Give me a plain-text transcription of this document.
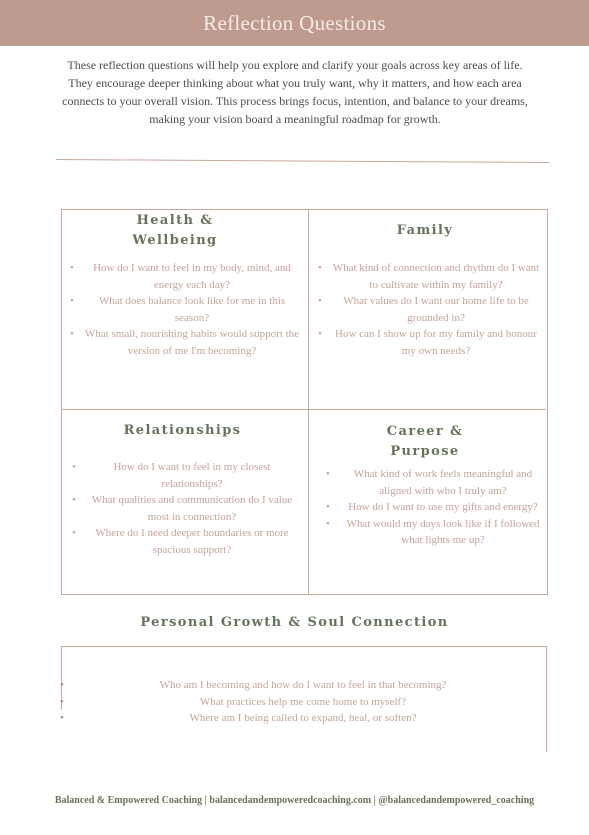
Reflection Questions
These reflection questions will help you explore and clarify your goals across key areas of life. They encourage deeper thinking about what you truly want, why it matters, and how each area connects to your overall vision. This process brings focus, intention, and balance to your dreams, making your vision board a meaningful roadmap for growth.
Health &
Wellbeing
• How do I want to feel in my body, mind, and energy each day?
• What does balance look like for me in this season?
• What small, nourishing habits would support the version of me I'm becoming?
Family
• What kind of connection and rhythm do I want to cultivate within my family?
• What values do I want our home life to be grounded in?
• How can I show up for my family and honour my own needs?
Relationships
• How do I want to feel in my closest relationships?
• What qualities and communication do I value most in connection?
• Where do I need deeper boundaries or more spacious support?
Career &
Purpose
• What kind of work feels meaningful and aligned with who I truly am?
• How do I want to use my gifts and energy?
• What would my days look like if I followed what lights me up?
Personal Growth & Soul Connection
• Who am I becoming and how do I want to feel in that becoming?
• What practices help me come home to myself?
• Where am I being called to expand, heal, or soften?
Balanced & Empowered Coaching | balancedandempoweredcoaching.com | @balancedandempowered_coaching
